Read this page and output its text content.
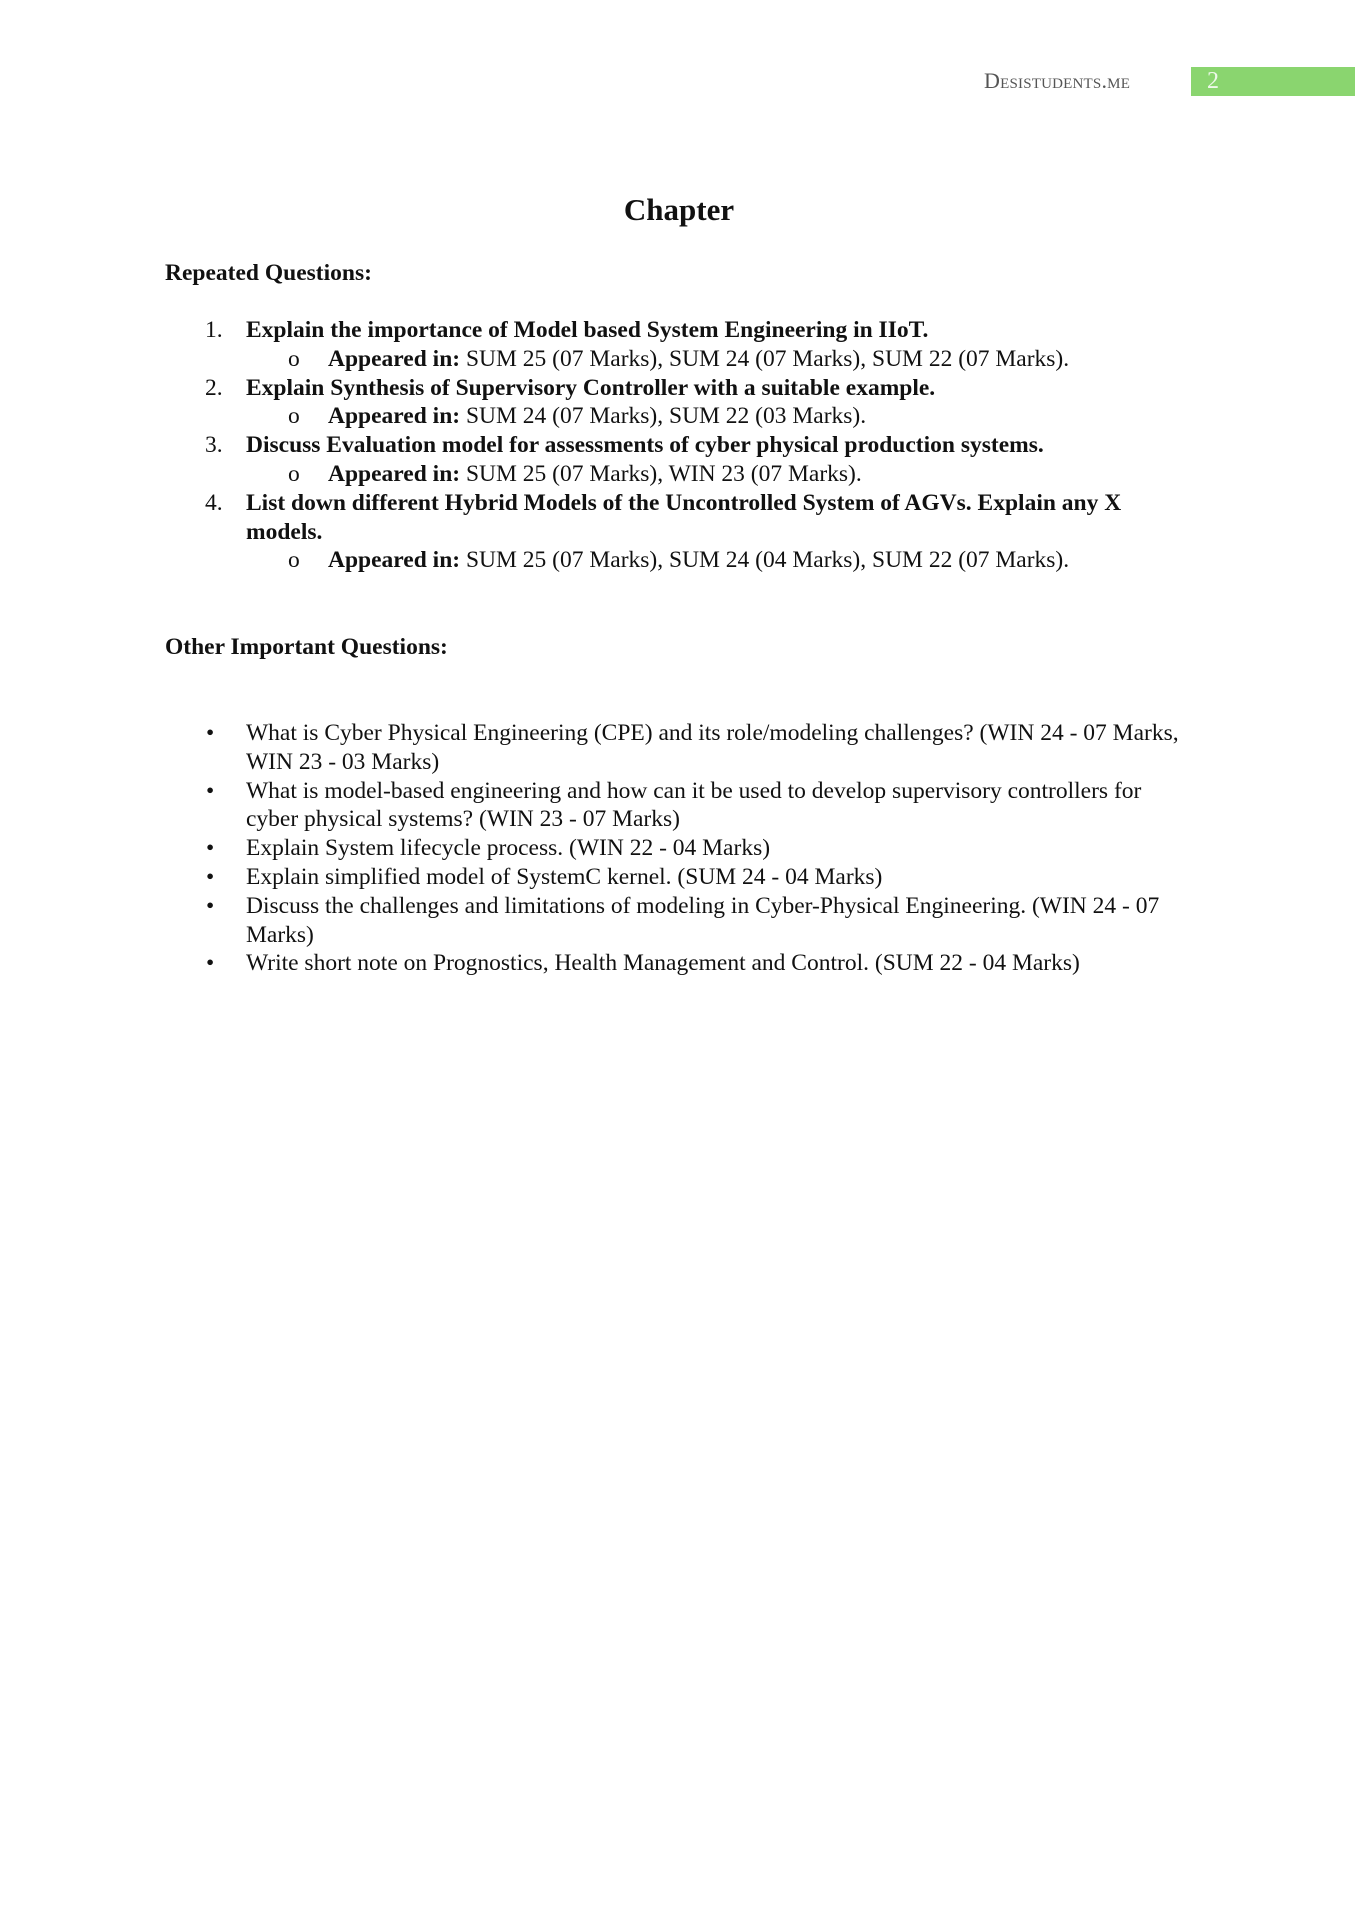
Desistudents.me	2
Chapter
Repeated Questions:
1. Explain the importance of Model based System Engineering in IIoT.
o Appeared in: SUM 25 (07 Marks), SUM 24 (07 Marks), SUM 22 (07 Marks).
2. Explain Synthesis of Supervisory Controller with a suitable example.
o Appeared in: SUM 24 (07 Marks), SUM 22 (03 Marks).
3. Discuss Evaluation model for assessments of cyber physical production systems.
o Appeared in: SUM 25 (07 Marks), WIN 23 (07 Marks).
4. List down different Hybrid Models of the Uncontrolled System of AGVs. Explain any X models.
o Appeared in: SUM 25 (07 Marks), SUM 24 (04 Marks), SUM 22 (07 Marks).
Other Important Questions:
• What is Cyber Physical Engineering (CPE) and its role/modeling challenges? (WIN 24 - 07 Marks, WIN 23 - 03 Marks)
• What is model-based engineering and how can it be used to develop supervisory controllers for cyber physical systems? (WIN 23 - 07 Marks)
• Explain System lifecycle process. (WIN 22 - 04 Marks)
• Explain simplified model of SystemC kernel. (SUM 24 - 04 Marks)
• Discuss the challenges and limitations of modeling in Cyber-Physical Engineering. (WIN 24 - 07 Marks)
• Write short note on Prognostics, Health Management and Control. (SUM 22 - 04 Marks)
